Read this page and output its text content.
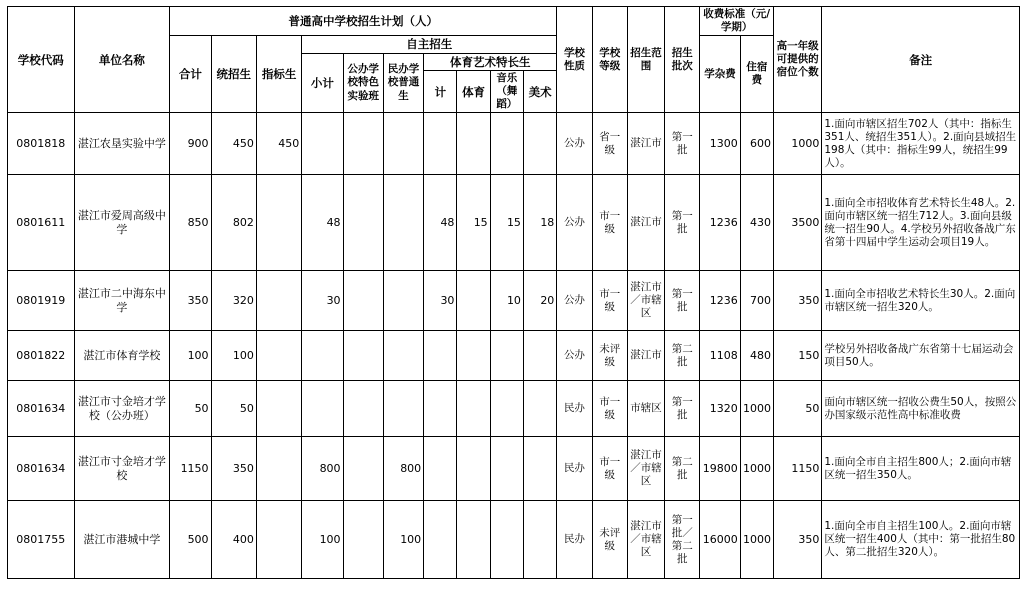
学校代码	单位名称	普通高中学校招生计划（人）										学校性质	学校等级	招生范围	招生批次	收费标准（元/学期）		高一年级可提供的宿位个数	备注
		合计	统招生	指标生	自主招生											学杂费	住宿费		
					小计	公办学校特色实验班	民办学校普通生	体育艺术特长生											
								计	体育	音乐（舞蹈）	美术								
0801818	湛江农垦实验中学	900	450	450								公办	省一级	湛江市	第一批	1300	600	1000	1.面向市辖区招生702人（其中：指标生351人、统招生351人）。2.面向县域招生198人（其中：指标生99人，统招生99人）。
0801611	湛江市爱周高级中学	850	802		48			48	15	15	18	公办	市一级	湛江市	第一批	1236	430	3500	1.面向全市招收体育艺术特长生48人。2.面向市辖区统一招生712人。3.面向县级统一招生90人。4.学校另外招收备战广东省第十四届中学生运动会项目19人。
0801919	湛江市二中海东中学	350	320		30			30		10	20	公办	市一级	湛江市／市辖区	第一批	1236	700	350	1.面向全市招收艺术特长生30人。2.面向市辖区统一招生320人。
0801822	湛江市体育学校	100	100									公办	未评级	湛江市	第二批	1108	480	150	学校另外招收备战广东省第十七届运动会项目50人。
0801634	湛江市寸金培才学校（公办班）	50	50									民办	市一级	市辖区	第一批	1320	1000	50	面向市辖区统一招收公费生50人，按照公办国家级示范性高中标准收费
0801634	湛江市寸金培才学校	1150	350		800		800					民办	市一级	湛江市／市辖区	第二批	19800	1000	1150	1.面向全市自主招生800人；2.面向市辖区统一招生350人。
0801755	湛江市港城中学	500	400		100		100					民办	未评级	湛江市／市辖区	第一批／第二批	16000	1000	350	1.面向全市自主招生100人。2.面向市辖区统一招生400人（其中：第一批招生80人、第二批招生320人）。
